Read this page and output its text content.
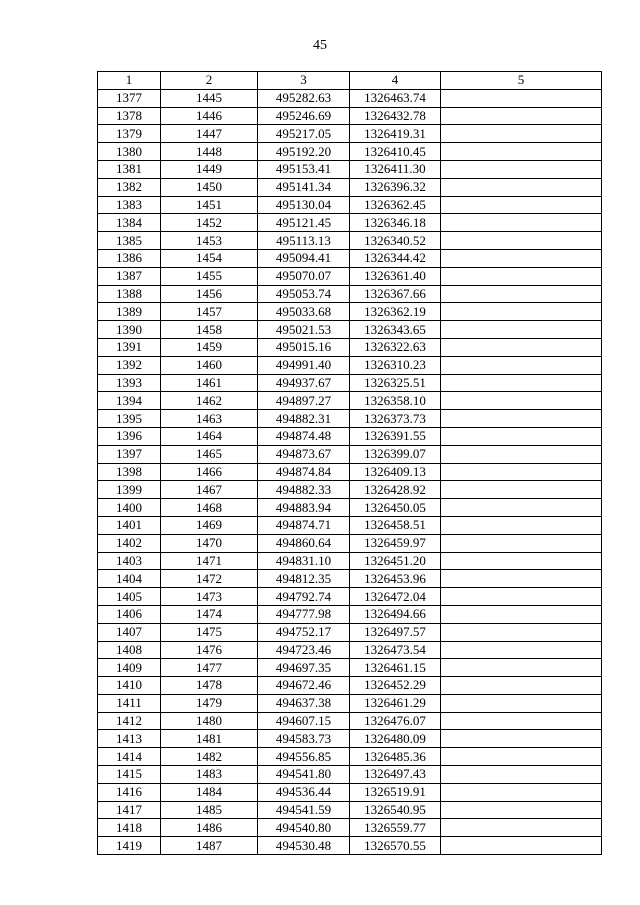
45
1	2	3	4	5
1377	1445	495282.63	1326463.74	
1378	1446	495246.69	1326432.78	
1379	1447	495217.05	1326419.31	
1380	1448	495192.20	1326410.45	
1381	1449	495153.41	1326411.30	
1382	1450	495141.34	1326396.32	
1383	1451	495130.04	1326362.45	
1384	1452	495121.45	1326346.18	
1385	1453	495113.13	1326340.52	
1386	1454	495094.41	1326344.42	
1387	1455	495070.07	1326361.40	
1388	1456	495053.74	1326367.66	
1389	1457	495033.68	1326362.19	
1390	1458	495021.53	1326343.65	
1391	1459	495015.16	1326322.63	
1392	1460	494991.40	1326310.23	
1393	1461	494937.67	1326325.51	
1394	1462	494897.27	1326358.10	
1395	1463	494882.31	1326373.73	
1396	1464	494874.48	1326391.55	
1397	1465	494873.67	1326399.07	
1398	1466	494874.84	1326409.13	
1399	1467	494882.33	1326428.92	
1400	1468	494883.94	1326450.05	
1401	1469	494874.71	1326458.51	
1402	1470	494860.64	1326459.97	
1403	1471	494831.10	1326451.20	
1404	1472	494812.35	1326453.96	
1405	1473	494792.74	1326472.04	
1406	1474	494777.98	1326494.66	
1407	1475	494752.17	1326497.57	
1408	1476	494723.46	1326473.54	
1409	1477	494697.35	1326461.15	
1410	1478	494672.46	1326452.29	
1411	1479	494637.38	1326461.29	
1412	1480	494607.15	1326476.07	
1413	1481	494583.73	1326480.09	
1414	1482	494556.85	1326485.36	
1415	1483	494541.80	1326497.43	
1416	1484	494536.44	1326519.91	
1417	1485	494541.59	1326540.95	
1418	1486	494540.80	1326559.77	
1419	1487	494530.48	1326570.55	
